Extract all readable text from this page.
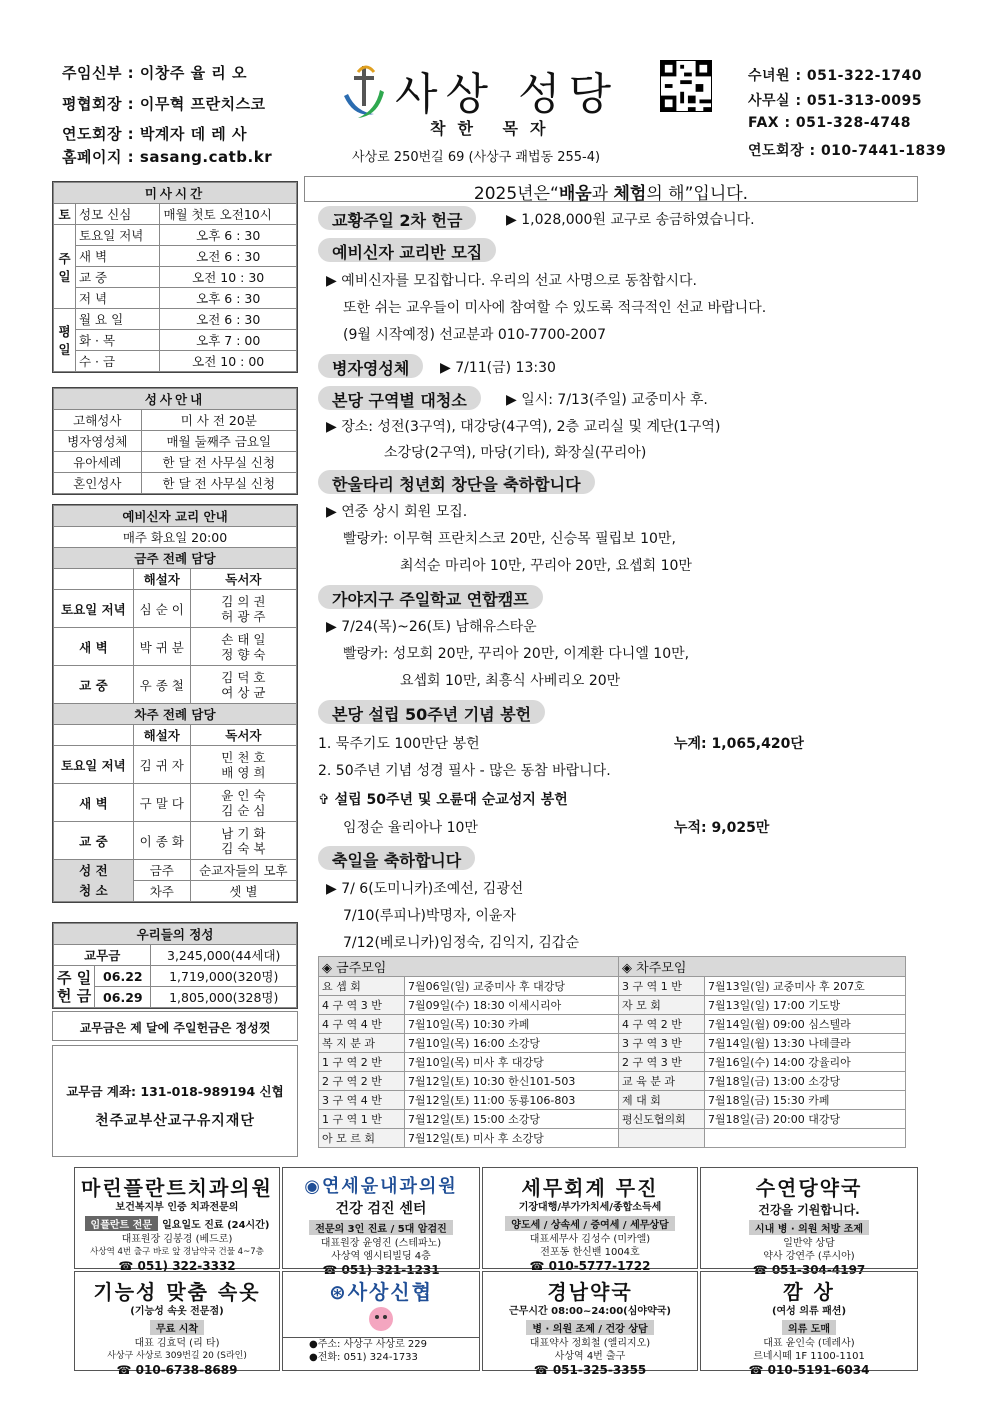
주임신부 : 이창주 율 리 오
평협회장 : 이무혁 프란치스코
연도회장 : 박계자 데 레 사
홈페이지 : sasang.catb.kr
사상 성당
착한 목자
사상로 250번길 69 (사상구 괘법동 255-4)
수녀원 : 051-322-1740
사무실 : 051-313-0095
FAX : 051-328-4748
연도회장 : 010-7441-1839
미사시간		
토	성모 신심	매월 첫토 오전10시
주일	토요일 저녁	오후 6 : 30
	새 벽	오전 6 : 30
	교 중	오전 10 : 30
	저 녁	오후 6 : 30
평일	월 요 일	오전 6 : 30
	화 · 목	오후 7 : 00
	수 · 금	오전 10 : 00
성사안내	
고해성사	미 사 전 20분
병자영성체	매월 둘째주 금요일
유아세례	한 달 전 사무실 신청
혼인성사	한 달 전 사무실 신청
예비신자 교리 안내		
매주 화요일 20:00		
금주 전례 담당		
	해설자	독서자
토요일 저녁	심 순 이	김 의 권
허 광 주

새 벽	박 귀 분	손 태 일
정 향 숙

교 중	우 종 철	김 덕 호
여 상 균

차주 전례 담당		
	해설자	독서자
토요일 저녁	김 귀 자	민 천 호
배 영 희

새 벽	구 말 다	윤 인 숙
김 순 심

교 중	이 종 화	남 기 화
김 숙 복

성 전
청 소	금주	순교자들의 모후
	차주	셋 별
우리들의 정성		
교무금		3,245,000(44세대)

주 일
헌 금	06.22	1,719,000(320명)
	06.29	1,805,000(328명)
교무금은 제 달에 주일헌금은 정성껏
교무금 계좌: 131-018-989194 신협
천주교부산교구유지재단
2025년은“배움과 체험의 해”입니다.
교황주일 2차 헌금	▶ 1,028,000원 교구로 송금하였습니다.
예비신자 교리반 모집
▶ 예비신자를 모집합니다. 우리의 선교 사명으로 동참합시다.
또한 쉬는 교우들이 미사에 참여할 수 있도록 적극적인 선교 바랍니다.
(9월 시작예정) 선교분과 010-7700-2007
병자영성체	▶ 7/11(금) 13:30
본당 구역별 대청소	▶ 일시: 7/13(주일) 교중미사 후.
▶ 장소: 성전(3구역), 대강당(4구역), 2층 교리실 및 계단(1구역)
소강당(2구역), 마당(기타), 화장실(꾸리아)
한울타리 청년회 창단을 축하합니다
▶ 연중 상시 회원 모집.
빨랑카: 이무혁 프란치스코 20만, 신승목 필립보 10만,
최석순 마리아 10만, 꾸리아 20만, 요셉회 10만
가야지구 주일학교 연합캠프
▶ 7/24(목)~26(토) 남해유스타운
빨랑카: 성모회 20만, 꾸리아 20만, 이계환 다니엘 10만,
요셉회 10만, 최흥식 사베리오 20만
본당 설립 50주년 기념 봉헌
1. 묵주기도 100만단 봉헌	누계: 1,065,420단
2. 50주년 기념 성경 필사 - 많은 동참 바랍니다.
✞ 설립 50주년 및 오륜대 순교성지 봉헌
임정순 율리아나 10만	누적: 9,025만
축일을 축하합니다
▶ 7/ 6(도미니카)조예선, 김광선
7/10(루피나)박명자, 이윤자
7/12(베로니카)임정숙, 김익지, 김갑순
◈ 금주모임		◈ 차주모임	
요 셉 회	7월06일(일) 교중미사 후 대강당	3 구 역 1 반	7월13일(일) 교중미사 후 207호
4 구 역 3 반	7월09일(수) 18:30 이세시리아	자 모 회	7월13일(일) 17:00 기도방
4 구 역 4 반	7월10일(목) 10:30 카페	4 구 역 2 반	7월14일(월) 09:00 심스텔라
복 지 분 과	7월10일(목) 16:00 소강당	3 구 역 3 반	7월14일(월) 13:30 나데클라
1 구 역 2 반	7월10일(목) 미사 후 대강당	2 구 역 3 반	7월16일(수) 14:00 강율리아
2 구 역 2 반	7월12일(토) 10:30 한신101-503	교 육 분 과	7월18일(금) 13:00 소강당
3 구 역 4 반	7월12일(토) 11:00 동룡106-803	제 대 회	7월18일(금) 15:30 카페
1 구 역 1 반	7월12일(토) 15:00 소강당	평신도협의회	7월18일(금) 20:00 대강당
아 모 르 회	7월12일(토) 미사 후 소강당		
마린플란트치과의원
보건복지부 인증 치과전문의
임플란트 전문 일요일도 진료 (24시간)
대표원장 김봉경 (베드로)
사상역 4번 출구 바로 앞 경남약국 건물 4~7층
☎ 051) 322-3332
◉연세윤내과의원
건강 검진 센터
전문의 3인 진료 / 5대 암검진
대표원장 윤영진 (스테파노)
사상역 엠시티빌딩 4층
☎ 051) 321-1231
세무회계 무진
기장대행/부가가치세/종합소득세
양도세 / 상속세 / 증여세 / 세무상담
대표세무사 김성수 (미카엘)
전포동 한신밴 1004호
☎ 010-5777-1722
수연당약국
건강을 기원합니다.
시내 병 · 의원 처방 조제
일반약 상담
약사 강연주 (루시아)
☎ 051-304-4197
기능성 맞춤 속옷
(기능성 속옷 전문점)
무료 시착
대표 김효덕 (리 타)
사상구 사상로 309번길 20 (S라인)
☎ 010-6738-8689
⊛사상신협
●주소: 사상구 사상로 229
●전화: 051) 324-1733
경남약국
근무시간 08:00~24:00(심야약국)
병 · 의원 조제 / 건강 상담
대표약사 정회철 (엘리지오)
사상역 4번 출구
☎ 051-325-3355
깜 상
(여성 의류 패션)
의류 도매
대표 윤인숙 (데레사)
르네시떼 1F 1100-1101
☎ 010-5191-6034
